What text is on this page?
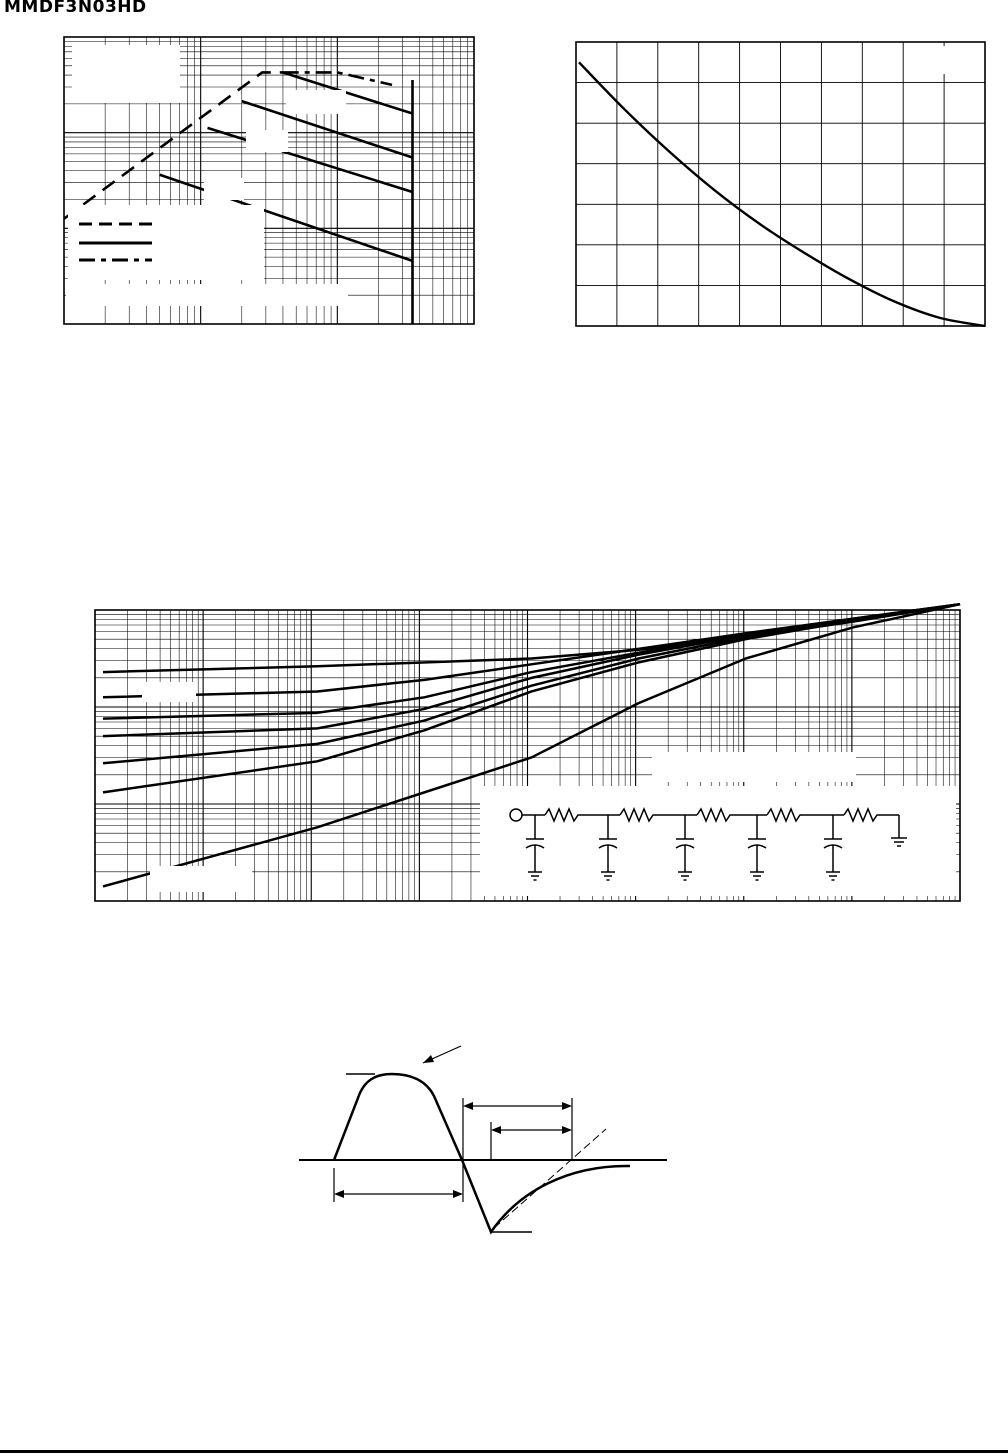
MMDF3N03HD
